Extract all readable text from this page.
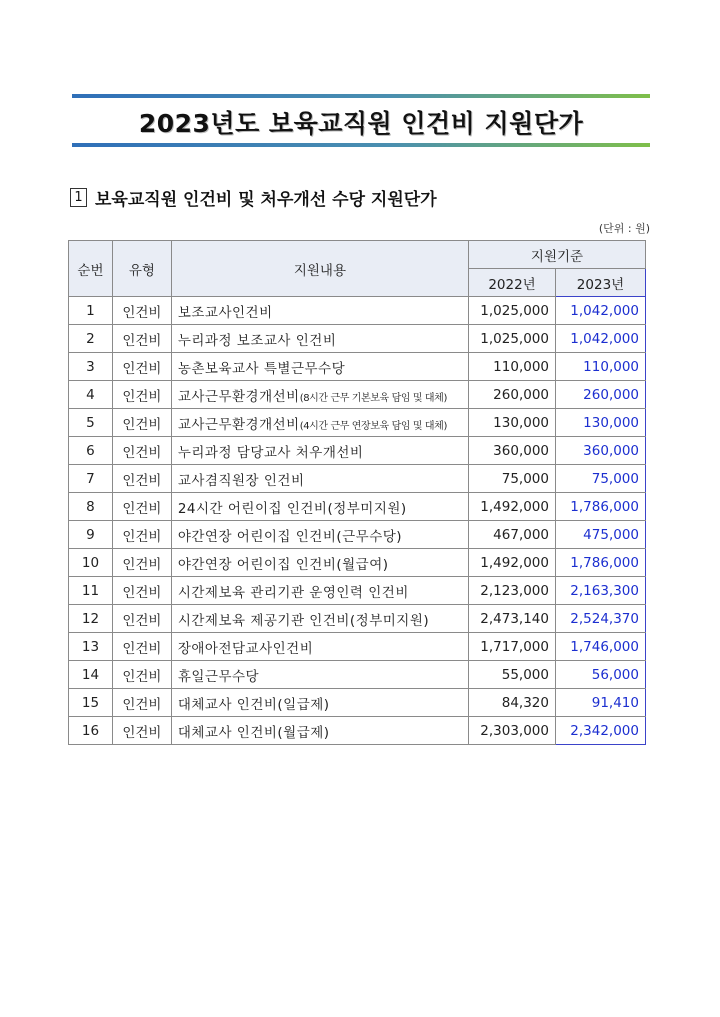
2023년도 보육교직원 인건비 지원단가
1 보육교직원 인건비 및 처우개선 수당 지원단가
(단위 : 원)
순번	유형	지원내용	지원기준	
			2022년	2023년
1	인건비	보조교사인건비	1,025,000	1,042,000
2	인건비	누리과정 보조교사 인건비	1,025,000	1,042,000
3	인건비	농촌보육교사 특별근무수당	110,000	110,000
4	인건비	교사근무환경개선비(8시간 근무 기본보육 담임 및 대체)	260,000	260,000
5	인건비	교사근무환경개선비(4시간 근무 연장보육 담임 및 대체)	130,000	130,000
6	인건비	누리과정 담당교사 처우개선비	360,000	360,000
7	인건비	교사겸직원장 인건비	75,000	75,000
8	인건비	24시간 어린이집 인건비(정부미지원)	1,492,000	1,786,000
9	인건비	야간연장 어린이집 인건비(근무수당)	467,000	475,000
10	인건비	야간연장 어린이집 인건비(월급여)	1,492,000	1,786,000
11	인건비	시간제보육 관리기관 운영인력 인건비	2,123,000	2,163,300
12	인건비	시간제보육 제공기관 인건비(정부미지원)	2,473,140	2,524,370
13	인건비	장애아전담교사인건비	1,717,000	1,746,000
14	인건비	휴일근무수당	55,000	56,000
15	인건비	대체교사 인건비(일급제)	84,320	91,410
16	인건비	대체교사 인건비(월급제)	2,303,000	2,342,000
